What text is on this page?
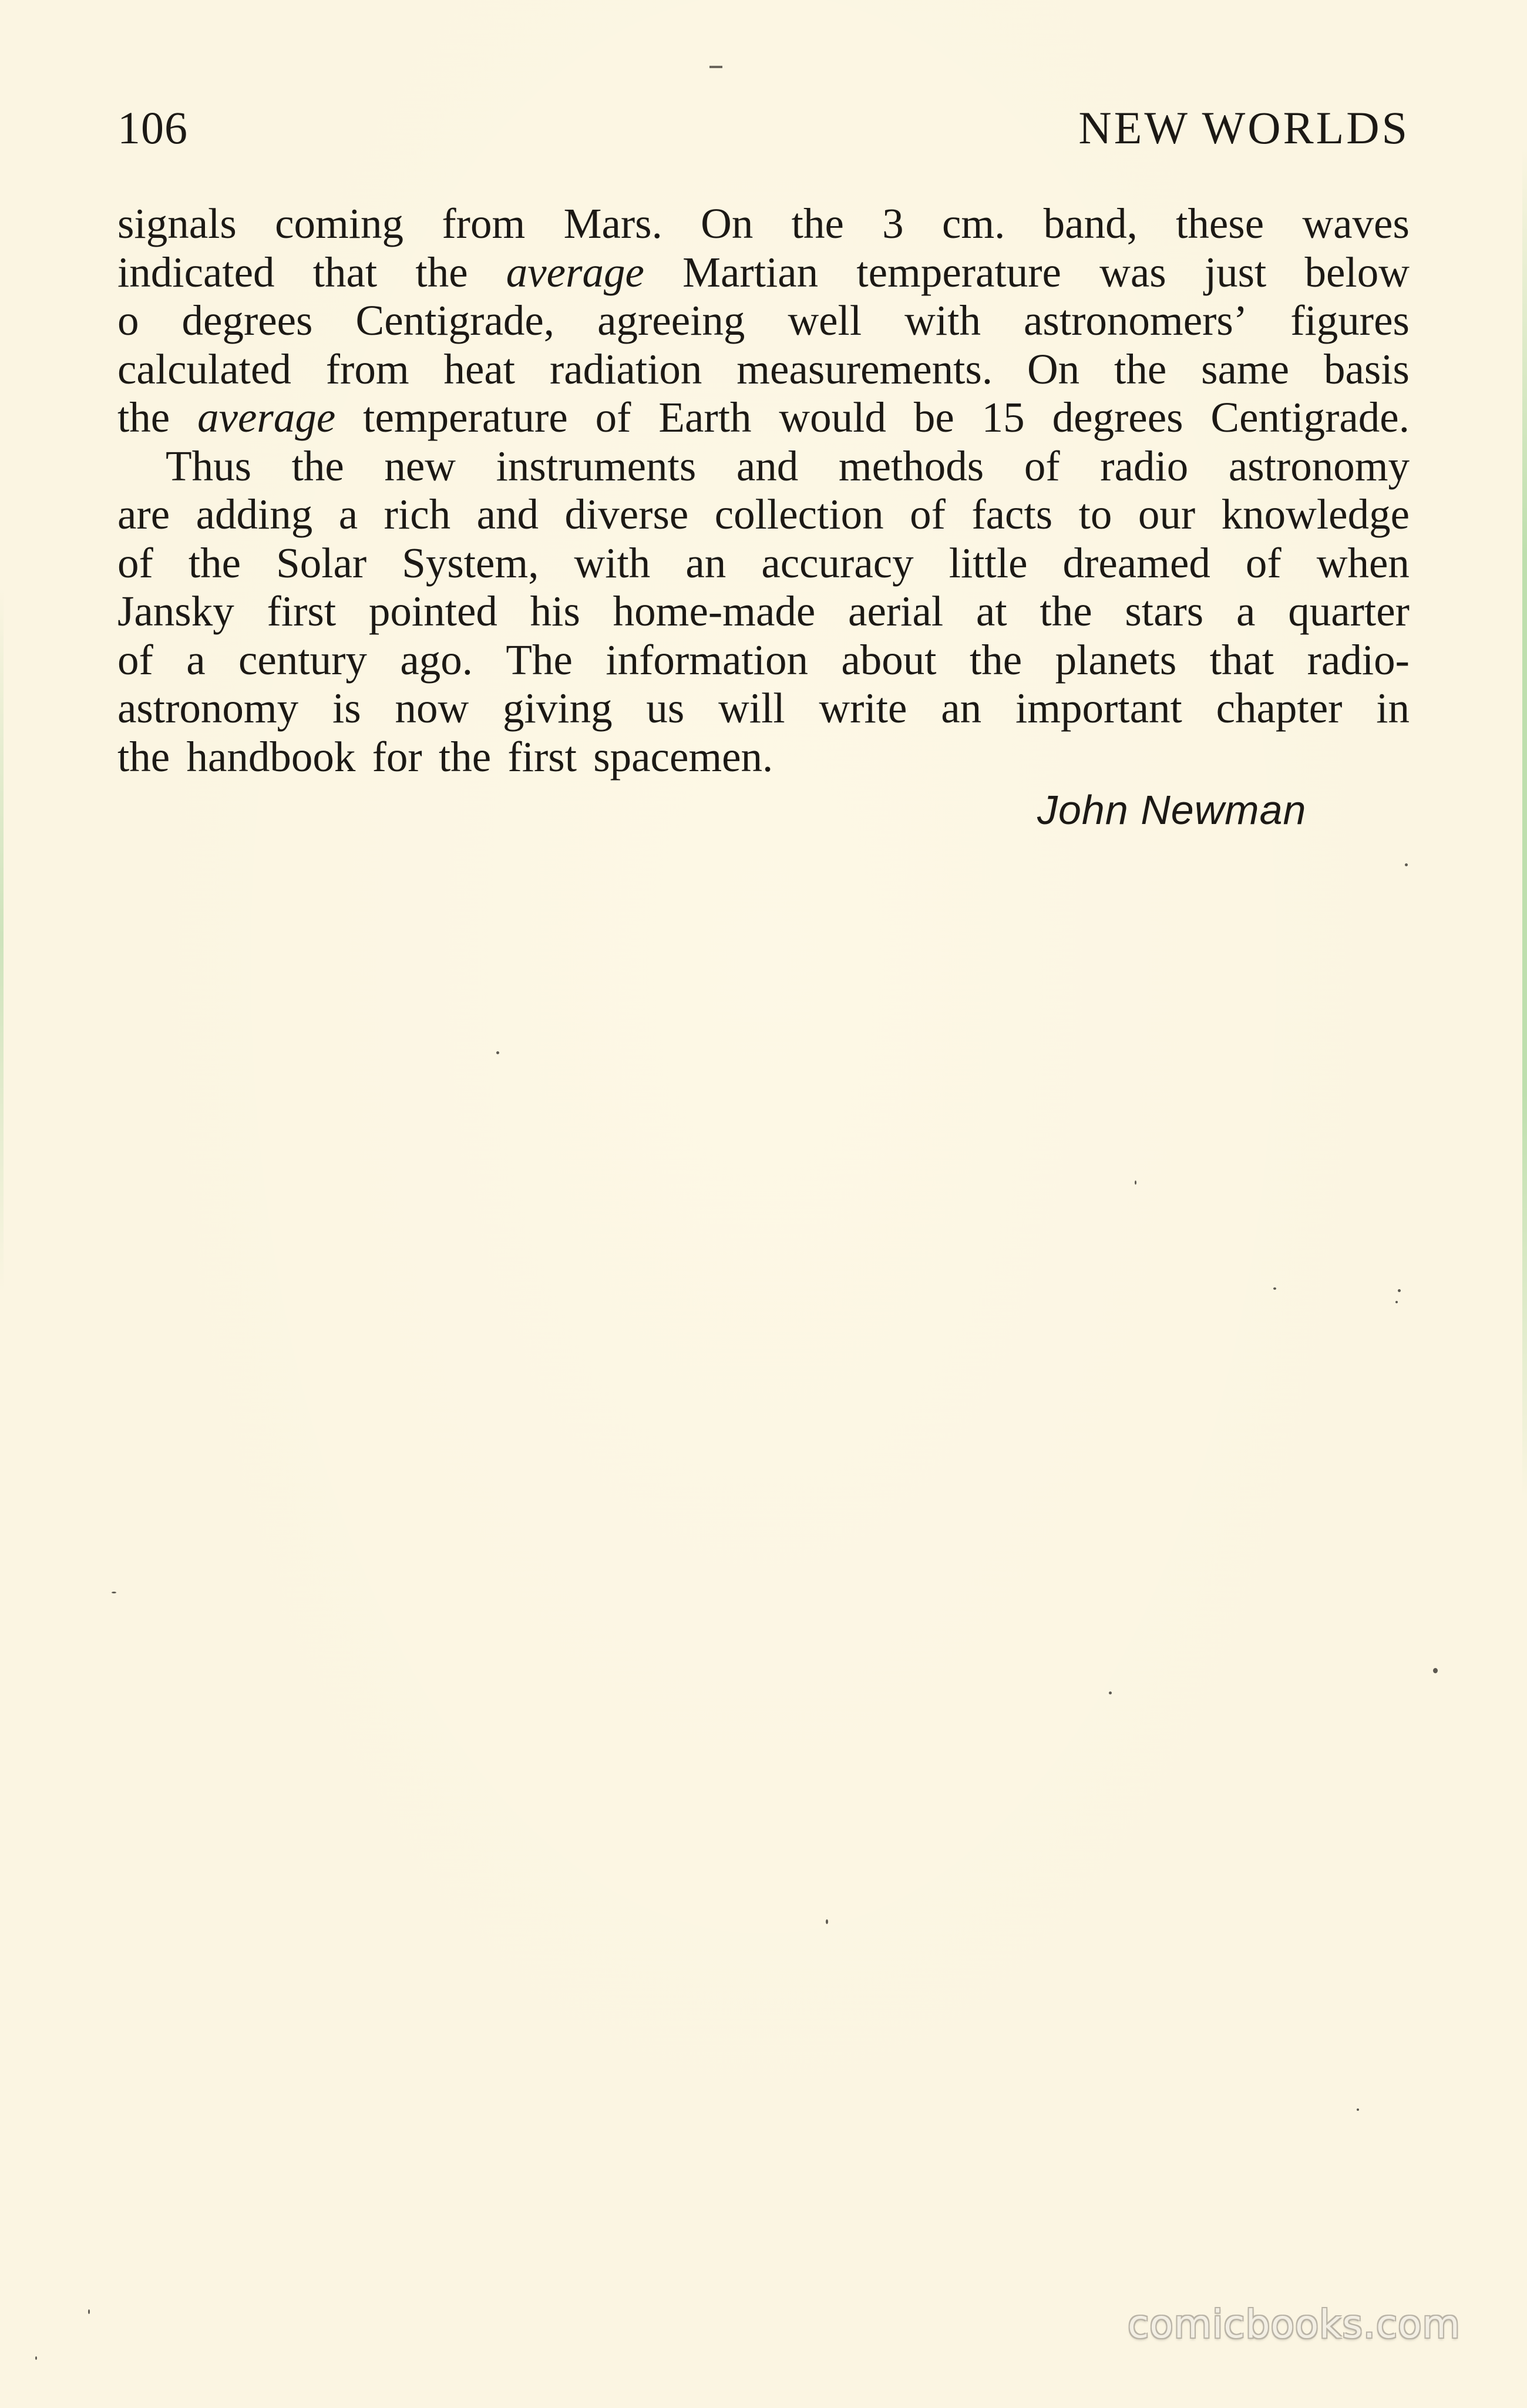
106	NEW WORLDS
signals coming from Mars. On the 3 cm. band, these waves
indicated that the average Martian temperature was just below
o degrees Centigrade, agreeing well with astronomers’ figures
calculated from heat radiation measurements. On the same basis
the average temperature of Earth would be 15 degrees Centigrade.
Thus the new instruments and methods of radio astronomy
are adding a rich and diverse collection of facts to our knowledge
of the Solar System, with an accuracy little dreamed of when
Jansky first pointed his home-made aerial at the stars a quarter
of a century ago. The information about the planets that radio-
astronomy is now giving us will write an important chapter in
the
handbook
for
the
first
spacemen.
John Newman
comicbooks.com
